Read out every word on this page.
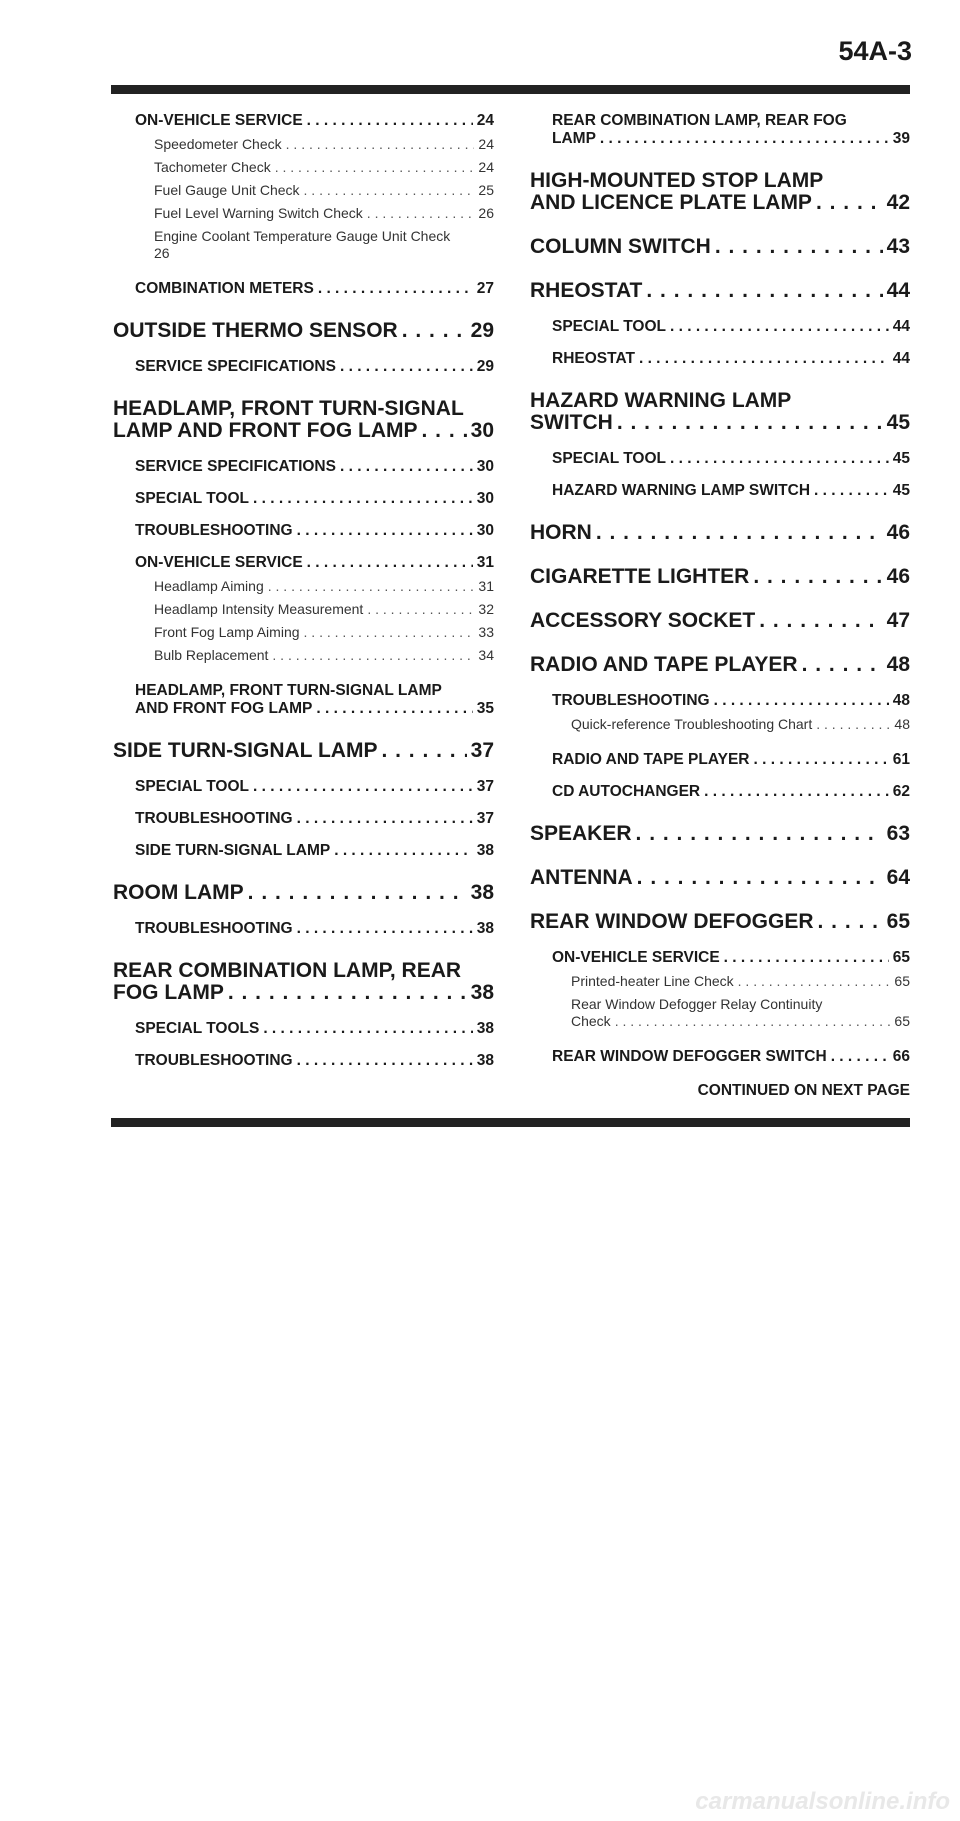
54A-3
ON-VEHICLE SERVICE . . .	24
Speedometer Check . . .	24
Tachometer Check . . .	24
Fuel Gauge Unit Check . . .	25
Fuel Level Warning Switch Check . . .	26
Engine Coolant Temperature Gauge Unit Check
26
COMBINATION METERS . . .	27
OUTSIDE THERMO SENSOR . . .	29
SERVICE SPECIFICATIONS . . .	29
HEADLAMP, FRONT TURN-SIGNAL
LAMP AND FRONT FOG LAMP . . .	30
SERVICE SPECIFICATIONS . . .	30
SPECIAL TOOL . . .	30
TROUBLESHOOTING . . .	30
ON-VEHICLE SERVICE . . .	31
Headlamp Aiming . . .	31
Headlamp Intensity Measurement . . .	32
Front Fog Lamp Aiming . . .	33
Bulb Replacement . . .	34
HEADLAMP, FRONT TURN-SIGNAL LAMP
AND FRONT FOG LAMP . . .	35
SIDE TURN-SIGNAL LAMP . . .	37
SPECIAL TOOL . . .	37
TROUBLESHOOTING . . .	37
SIDE TURN-SIGNAL LAMP . . .	38
ROOM LAMP . . .	38
TROUBLESHOOTING . . .	38
REAR COMBINATION LAMP, REAR
FOG LAMP . . .	38
SPECIAL TOOLS . . .	38
TROUBLESHOOTING . . .	38
REAR COMBINATION LAMP, REAR FOG
LAMP . . .	39
HIGH-MOUNTED STOP LAMP
AND LICENCE PLATE LAMP . . .	42
COLUMN SWITCH . . .	43
RHEOSTAT . . .	44
SPECIAL TOOL . . .	44
RHEOSTAT . . .	44
HAZARD WARNING LAMP
SWITCH . . .	45
SPECIAL TOOL . . .	45
HAZARD WARNING LAMP SWITCH . . .	45
HORN . . .	46
CIGARETTE LIGHTER . . .	46
ACCESSORY SOCKET . . .	47
RADIO AND TAPE PLAYER . . .	48
TROUBLESHOOTING . . .	48
Quick-reference Troubleshooting Chart . . .	48
RADIO AND TAPE PLAYER . . .	61
CD AUTOCHANGER . . .	62
SPEAKER . . .	63
ANTENNA . . .	64
REAR WINDOW DEFOGGER . . .	65
ON-VEHICLE SERVICE . . .	65
Printed-heater Line Check . . .	65
Rear Window Defogger Relay Continuity
Check . . .	65
REAR WINDOW DEFOGGER SWITCH . . .	66
CONTINUED ON NEXT PAGE
carmanualsonline.info
